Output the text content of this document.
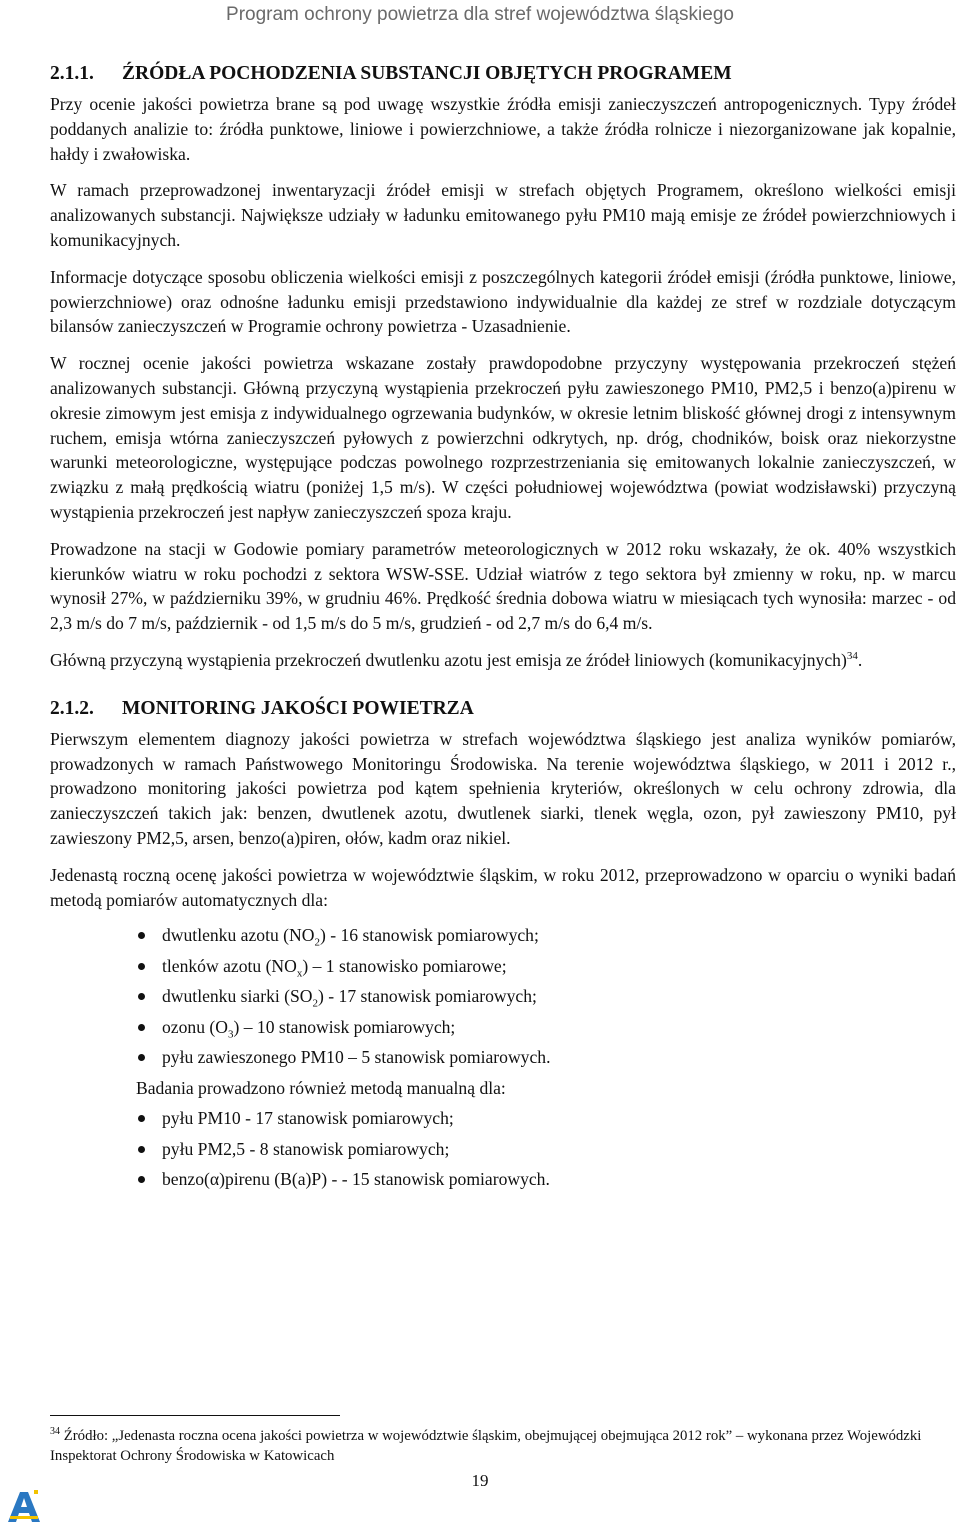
Program ochrony powietrza dla stref województwa śląskiego
2.1.1. ŹRÓDŁA POCHODZENIA SUBSTANCJI OBJĘTYCH PROGRAMEM

Przy ocenie jakości powietrza brane są pod uwagę wszystkie źródła emisji zanieczyszczeń antropogenicznych. Typy źródeł poddanych analizie to: źródła punktowe, liniowe i powierzchniowe, a także źródła rolnicze i niezorganizowane jak kopalnie, hałdy i zwałowiska.

W ramach przeprowadzonej inwentaryzacji źródeł emisji w strefach objętych Programem, określono wielkości emisji analizowanych substancji. Największe udziały w ładunku emitowanego pyłu PM10 mają emisje ze źródeł powierzchniowych i komunikacyjnych.

Informacje dotyczące sposobu obliczenia wielkości emisji z poszczególnych kategorii źródeł emisji (źródła punktowe, liniowe, powierzchniowe) oraz odnośne ładunku emisji przedstawiono indywidualnie dla każdej ze stref w rozdziale dotyczącym bilansów zanieczyszczeń w Programie ochrony powietrza - Uzasadnienie.

W rocznej ocenie jakości powietrza wskazane zostały prawdopodobne przyczyny występowania przekroczeń stężeń analizowanych substancji. Główną przyczyną wystąpienia przekroczeń pyłu zawieszonego PM10, PM2,5 i benzo(a)pirenu w okresie zimowym jest emisja z indywidualnego ogrzewania budynków, w okresie letnim bliskość głównej drogi z intensywnym ruchem, emisja wtórna zanieczyszczeń pyłowych z powierzchni odkrytych, np. dróg, chodników, boisk oraz niekorzystne warunki meteorologiczne, występujące podczas powolnego rozprzestrzeniania się emitowanych lokalnie zanieczyszczeń, w związku z małą prędkością wiatru (poniżej 1,5 m/s). W części południowej województwa (powiat wodzisławski) przyczyną wystąpienia przekroczeń jest napływ zanieczyszczeń spoza kraju.

Prowadzone na stacji w Godowie pomiary parametrów meteorologicznych w 2012 roku wskazały, że ok. 40% wszystkich kierunków wiatru w roku pochodzi z sektora WSW-SSE. Udział wiatrów z tego sektora był zmienny w roku, np. w marcu wynosił 27%, w październiku 39%, w grudniu 46%. Prędkość średnia dobowa wiatru w miesiącach tych wynosiła: marzec - od 2,3 m/s do 7 m/s, październik - od 1,5 m/s do 5 m/s, grudzień - od 2,7 m/s do 6,4 m/s.

Główną przyczyną wystąpienia przekroczeń dwutlenku azotu jest emisja ze źródeł liniowych (komunikacyjnych)$^{34}$.

2.1.2. MONITORING JAKOŚCI POWIETRZA

Pierwszym elementem diagnozy jakości powietrza w strefach województwa śląskiego jest analiza wyników pomiarów, prowadzonych w ramach Państwowego Monitoringu Środowiska. Na terenie województwa śląskiego, w 2011 i 2012 r., prowadzono monitoring jakości powietrza pod kątem spełnienia kryteriów, określonych w celu ochrony zdrowia, dla zanieczyszczeń takich jak: benzen, dwutlenek azotu, dwutlenek siarki, tlenek węgla, ozon, pył zawieszony PM10, pył zawieszony PM2,5, arsen, benzo(a)piren, ołów, kadm oraz nikiel.

Jedenastą roczną ocenę jakości powietrza w województwie śląskim, w roku 2012, przeprowadzono w oparciu o wyniki badań metodą pomiarów automatycznych dla:

dwutlenku azotu $(NO_2) - 16$ stanowisk pomiarowych;
tlenków azotu $(NO_x) - 1$ stanowisko pomiarowe;
dwutlenku siarki $(SO_2) - 17$ stanowisk pomiarowych;
ozonu $(O_3) - 10$ stanowisk pomiarowych;
pyłu zawieszonego PM10 – 5 stanowisk pomiarowych.
Badania prowadzono również metodą manualną dla:
pyłu PM10 - 17 stanowisk pomiarowych;
pyłu PM2,5 - 8 stanowisk pomiarowych;
benzo(α)pirenu (B(a)P) - - 15 stanowisk pomiarowych.
$^{34}$ Źródło: „Jedenasta roczna ocena jakości powietrza w województwie śląskim, obejmującej obejmująca 2012 rok” – wykonana przez Wojewódzki Inspektorat Ochrony Środowiska w Katowicach
19
